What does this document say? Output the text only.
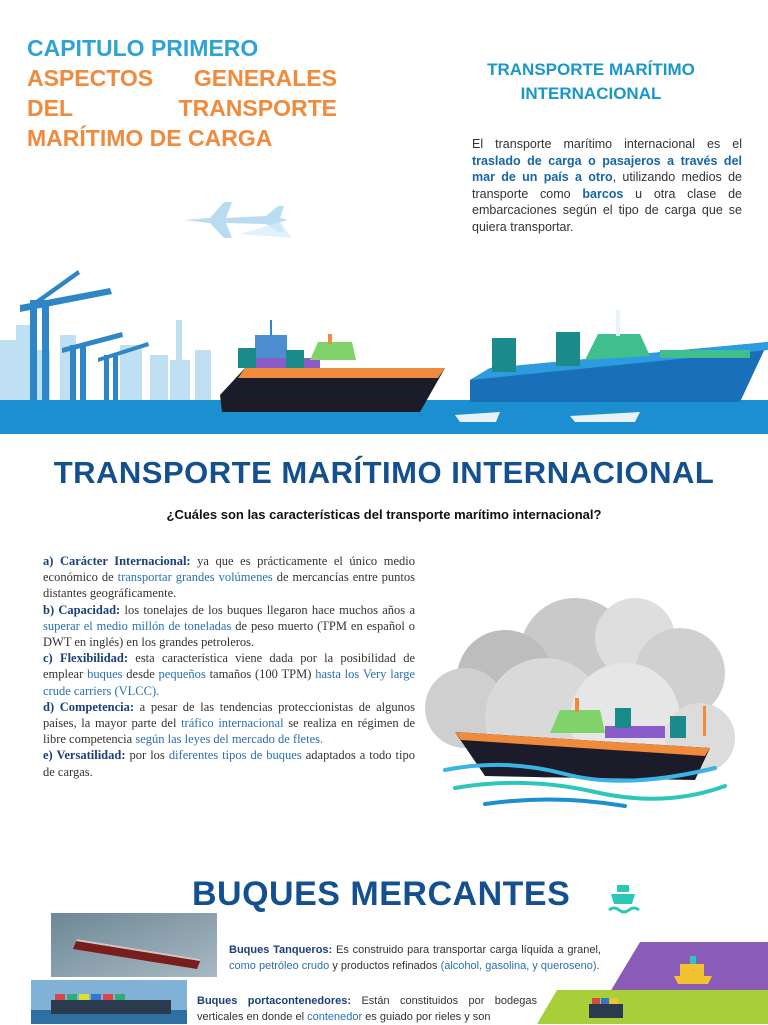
CAPITULO PRIMERO
ASPECTOS GENERALES DEL TRANSPORTE MARÍTIMO DE CARGA
TRANSPORTE MARÍTIMO INTERNACIONAL
El transporte marítimo internacional es el traslado de carga o pasajeros a través del mar de un país a otro, utilizando medios de transporte como barcos u otra clase de embarcaciones según el tipo de carga que se quiera transportar.
TRANSPORTE MARÍTIMO INTERNACIONAL
¿Cuáles son las características del transporte marítimo internacional?

a) Carácter Internacional: ya que es prácticamente el único medio económico de transportar grandes volúmenes de mercancías entre puntos distantes geográficamente.

b) Capacidad: los tonelajes de los buques llegaron hace muchos años a superar el medio millón de toneladas de peso muerto (TPM en español o DWT en inglés) en los grandes petroleros.

c) Flexibilidad: esta característica viene dada por la posibilidad de emplear buques desde pequeños tamaños (100 TPM) hasta los Very large crude carriers (VLCC).

d) Competencia: a pesar de las tendencias proteccionistas de algunos países, la mayor parte del tráfico internacional se realiza en régimen de libre competencia según las leyes del mercado de fletes.

e) Versatilidad: por los diferentes tipos de buques adaptados a todo tipo de cargas.

BUQUES MERCANTES
Buques Tanqueros: Es construido para transportar carga líquida a granel, como petróleo crudo y productos refinados (alcohol, gasolina, y queroseno).
Buques portacontenedores: Están constituidos por bodegas verticales en donde el contenedor es guiado por rieles y son
